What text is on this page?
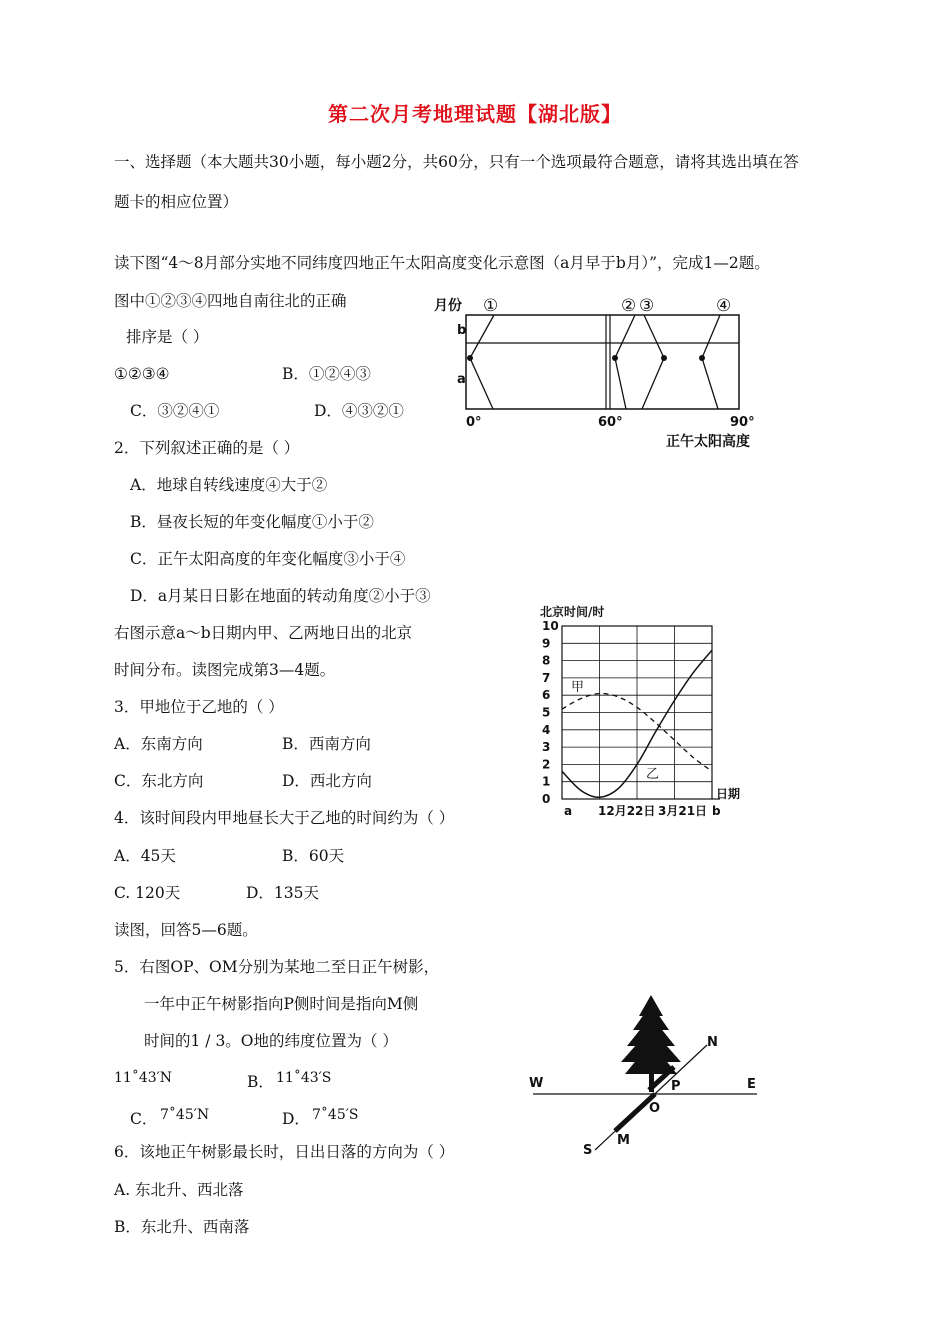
第二次月考地理试题【湖北版】
一、选择题（本大题共30小题，每小题2分，共60分，只有一个选项最符合题意，请将其选出填在答
题卡的相应位置）
读下图“4～8月部分实地不同纬度四地正午太阳高度变化示意图（a月早于b月）”，完成1—2题。
图中①②③④四地自南往北的正确
排序是（ ）
①②③④	B．①②④③
C．③②④①	D．④③②①
2．下列叙述正确的是（ ）
A．地球自转线速度④大于②
B．昼夜长短的年变化幅度①小于②
C．正午太阳高度的年变化幅度③小于④
D．a月某日日影在地面的转动角度②小于③
右图示意a～b日期内甲、乙两地日出的北京
时间分布。读图完成第3—4题。
3．甲地位于乙地的（ ）
A．东南方向	B．西南方向
C．东北方向	D．西北方向
4．该时间段内甲地昼长大于乙地的时间约为（ ）
A．45天	B．60天
C. 120天	D．135天
读图，回答5—6题。
5．右图OP、OM分别为某地二至日正午树影，
一年中正午树影指向P侧时间是指向M侧
时间的1 / 3。O地的纬度位置为（ ）
11˚43′N	B． 11˚43′S
C． 7˚45′N	D． 7˚45′S
6．该地正午树影最长时，日出日落的方向为（ ）
A. 东北升、西北落
B．东北升、西南落
月份 ①	② ③	④
b
a
0°	60°	90°
正午太阳高度
北京时间/时
0
1
2
3
4
5
6
7
8
9
10
a 12月22日 3月21日 b
甲
乙
日期
W	E
N
S
P
O
M
